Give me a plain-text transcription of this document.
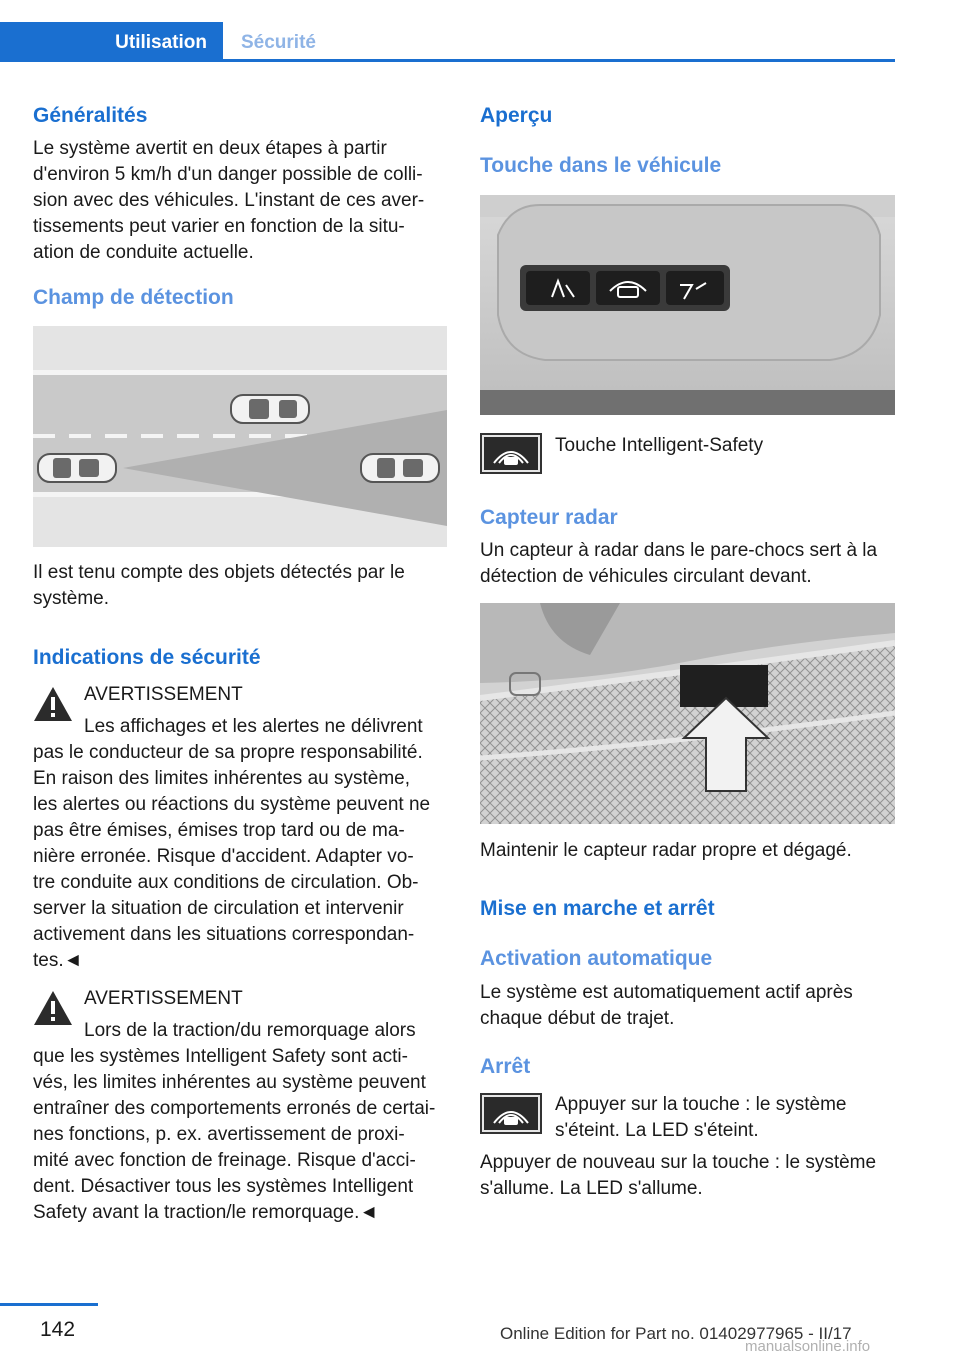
Utilisation Sécurité
Généralités
Le système avertit en deux étapes à partir
d'environ 5 km/h d'un danger possible de colli‐
sion avec des véhicules. L'instant de ces aver‐
tissements peut varier en fonction de la situ‐
ation de conduite actuelle.
Champ de détection
Il est tenu compte des objets détectés par le
système.
Indications de sécurité
AVERTISSEMENT
Les affichages et les alertes ne délivrent
pas le conducteur de sa propre responsabilité.
En raison des limites inhérentes au système,
les alertes ou réactions du système peuvent ne
pas être émises, émises trop tard ou de ma‐
nière erronée. Risque d'accident. Adapter vo‐
tre conduite aux conditions de circulation. Ob‐
server la situation de circulation et intervenir
activement dans les situations correspondan‐
tes.◄
AVERTISSEMENT
Lors de la traction/du remorquage alors
que les systèmes Intelligent Safety sont acti‐
vés, les limites inhérentes au système peuvent
entraîner des comportements erronés de certai‐
nes fonctions, p. ex. avertissement de proxi‐
mité avec fonction de freinage. Risque d'acci‐
dent. Désactiver tous les systèmes Intelligent
Safety avant la traction/le remorquage.◄
Aperçu
Touche dans le véhicule
Touche Intelligent-Safety
Capteur radar
Un capteur à radar dans le pare-chocs sert à la
détection de véhicules circulant devant.
Maintenir le capteur radar propre et dégagé.
Mise en marche et arrêt
Activation automatique
Le système est automatiquement actif après
chaque début de trajet.
Arrêt
Appuyer sur la touche : le système
s'éteint. La LED s'éteint.
Appuyer de nouveau sur la touche : le système
s'allume. La LED s'allume.
142	Online Edition for Part no. 01402977965 - II/17
manualsonline.info
